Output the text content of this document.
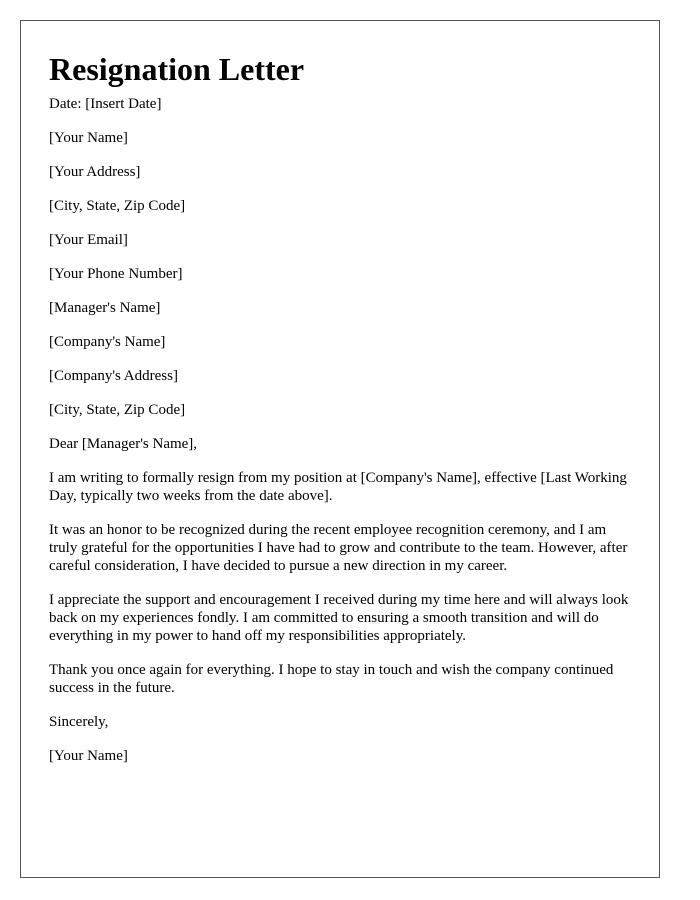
Resignation Letter

Date: [Insert Date]

[Your Name]

[Your Address]

[City, State, Zip Code]

[Your Email]

[Your Phone Number]

[Manager's Name]

[Company's Name]

[Company's Address]

[City, State, Zip Code]

Dear [Manager's Name],

I am writing to formally resign from my position at [Company's Name], effective [Last Working Day, typically two weeks from the date above].

It was an honor to be recognized during the recent employee recognition ceremony, and I am truly grateful for the opportunities I have had to grow and contribute to the team. However, after careful consideration, I have decided to pursue a new direction in my career.

I appreciate the support and encouragement I received during my time here and will always look back on my experiences fondly. I am committed to ensuring a smooth transition and will do everything in my power to hand off my responsibilities appropriately.

Thank you once again for everything. I hope to stay in touch and wish the company continued success in the future.

Sincerely,

[Your Name]
